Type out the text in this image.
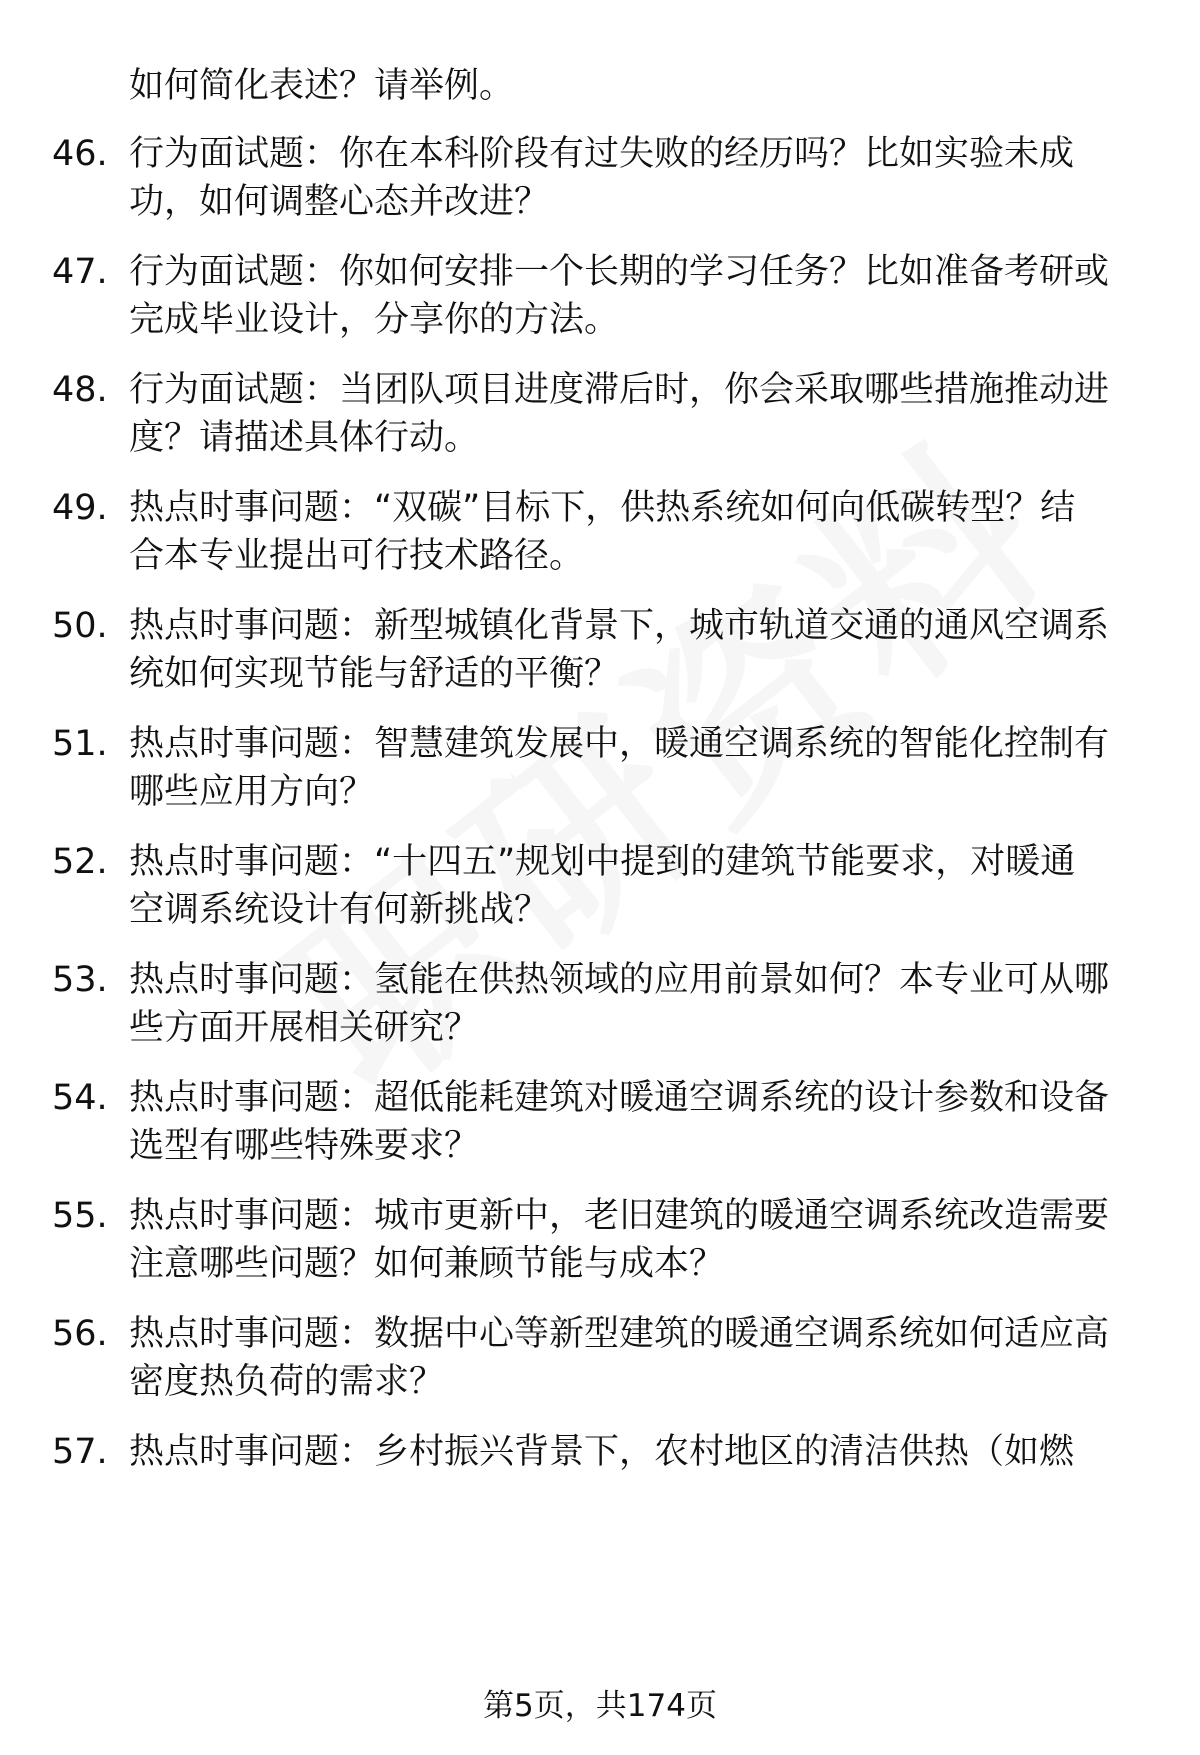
如何简化表述？请举例。
46. 行为面试题：你在本科阶段有过失败的经历吗？比如实验未成
功，如何调整心态并改进？
47. 行为面试题：你如何安排一个长期的学习任务？比如准备考研或
完成毕业设计，分享你的方法。
48. 行为面试题：当团队项目进度滞后时，你会采取哪些措施推动进
度？请描述具体行动。
49. 热点时事问题：“双碳”目标下，供热系统如何向低碳转型？结
合本专业提出可行技术路径。
50. 热点时事问题：新型城镇化背景下，城市轨道交通的通风空调系
统如何实现节能与舒适的平衡？
51. 热点时事问题：智慧建筑发展中，暖通空调系统的智能化控制有
哪些应用方向？
52. 热点时事问题：“十四五”规划中提到的建筑节能要求，对暖通
空调系统设计有何新挑战？
53. 热点时事问题：氢能在供热领域的应用前景如何？本专业可从哪
些方面开展相关研究？
54. 热点时事问题：超低能耗建筑对暖通空调系统的设计参数和设备
选型有哪些特殊要求？
55. 热点时事问题：城市更新中，老旧建筑的暖通空调系统改造需要
注意哪些问题？如何兼顾节能与成本？
56. 热点时事问题：数据中心等新型建筑的暖通空调系统如何适应高
密度热负荷的需求？
57. 热点时事问题：乡村振兴背景下，农村地区的清洁供热（如燃
第5页，共174页
